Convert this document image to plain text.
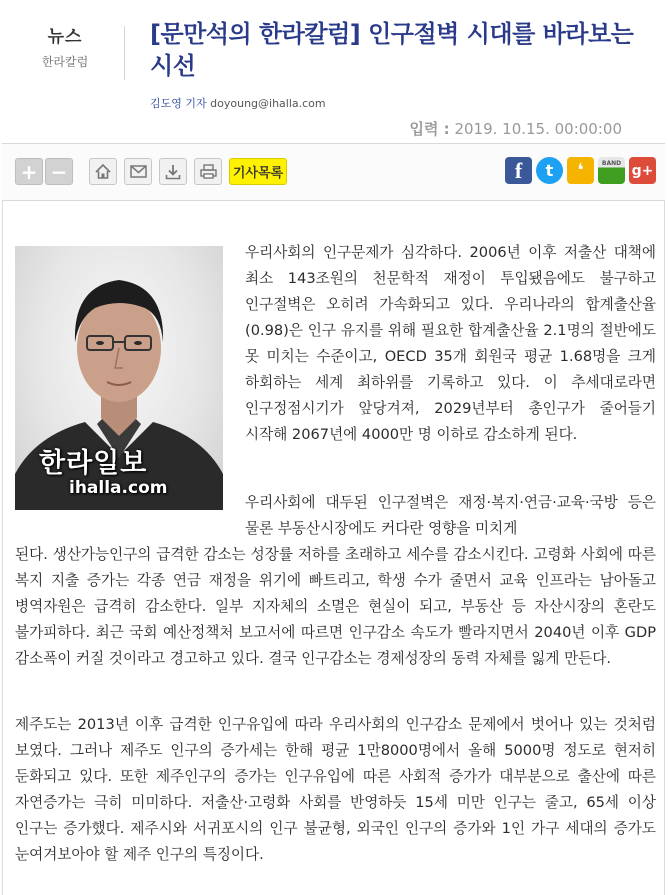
뉴스
한라칼럼
[문만석의 한라칼럼] 인구절벽 시대를 바라보는 시선
김도영 기자 doyoung@ihalla.com
입력 : 2019. 10.15. 00:00:00
+ −	기사목록	f	t	❛	BAND g+
한라일보
ihalla.com

우리사회의 인구문제가 심각하다. 2006년 이후 저출산 대책에 최소 143조원의 천문학적 재정이 투입됐음에도 불구하고 인구절벽은 오히려 가속화되고 있다. 우리나라의 합계출산율(0.98)은 인구 유지를 위해 필요한 합계출산율 2.1명의 절반에도 못 미치는 수준이고, OECD 35개 회원국 평균 1.68명을 크게 하회하는 세계 최하위를 기록하고 있다. 이 추세대로라면 인구정점시기가 앞당겨져, 2029년부터 총인구가 줄어들기 시작해 2067년에 4000만 명 이하로 감소하게 된다.

우리사회에 대두된 인구절벽은 재정·복지·연금·교육·국방 등은 물론 부동산시장에도 커다란 영향을 미치게

된다. 생산가능인구의 급격한 감소는 성장률 저하를 초래하고 세수를 감소시킨다. 고령화 사회에 따른 복지 지출 증가는 각종 연금 재정을 위기에 빠트리고, 학생 수가 줄면서 교육 인프라는 남아돌고 병역자원은 급격히 감소한다. 일부 지자체의 소멸은 현실이 되고, 부동산 등 자산시장의 혼란도 불가피하다. 최근 국회 예산정책처 보고서에 따르면 인구감소 속도가 빨라지면서 2040년 이후 GDP 감소폭이 커질 것이라고 경고하고 있다. 결국 인구감소는 경제성장의 동력 자체를 잃게 만든다.

제주도는 2013년 이후 급격한 인구유입에 따라 우리사회의 인구감소 문제에서 벗어나 있는 것처럼 보였다. 그러나 제주도 인구의 증가세는 한해 평균 1만8000명에서 올해 5000명 정도로 현저히 둔화되고 있다. 또한 제주인구의 증가는 인구유입에 따른 사회적 증가가 대부분으로 출산에 따른 자연증가는 극히 미미하다. 저출산·고령화 사회를 반영하듯 15세 미만 인구는 줄고, 65세 이상 인구는 증가했다. 제주시와 서귀포시의 인구 불균형, 외국인 인구의 증가와 1인 가구 세대의 증가도 눈여겨보아야 할 제주 인구의 특징이다.
